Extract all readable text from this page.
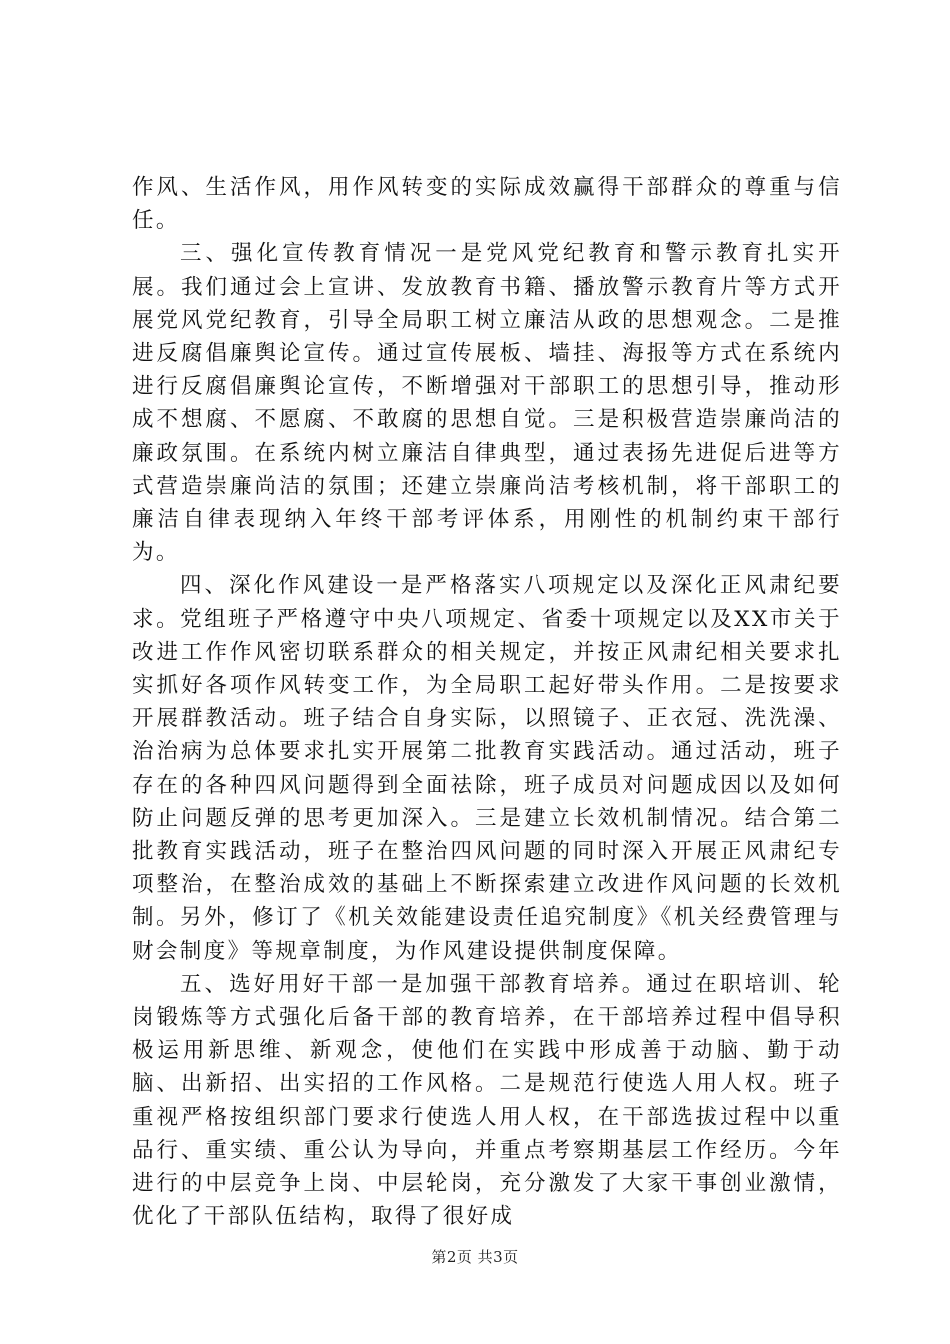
作风、生活作风，用作风转变的实际成效赢得干部群众的尊重与信任。

三、强化宣传教育情况一是党风党纪教育和警示教育扎实开展。我们通过会上宣讲、发放教育书籍、播放警示教育片等方式开展党风党纪教育，引导全局职工树立廉洁从政的思想观念。二是推进反腐倡廉舆论宣传。通过宣传展板、墙挂、海报等方式在系统内进行反腐倡廉舆论宣传，不断增强对干部职工的思想引导，推动形成不想腐、不愿腐、不敢腐的思想自觉。三是积极营造崇廉尚洁的廉政氛围。在系统内树立廉洁自律典型，通过表扬先进促后进等方式营造崇廉尚洁的氛围；还建立崇廉尚洁考核机制，将干部职工的廉洁自律表现纳入年终干部考评体系，用刚性的机制约束干部行为。

四、深化作风建设一是严格落实八项规定以及深化正风肃纪要求。党组班子严格遵守中央八项规定、省委十项规定以及XX市关于改进工作作风密切联系群众的相关规定，并按正风肃纪相关要求扎实抓好各项作风转变工作，为全局职工起好带头作用。二是按要求开展群教活动。班子结合自身实际，以照镜子、正衣冠、洗洗澡、治治病为总体要求扎实开展第二批教育实践活动。通过活动，班子存在的各种四风问题得到全面祛除，班子成员对问题成因以及如何防止问题反弹的思考更加深入。三是建立长效机制情况。结合第二批教育实践活动，班子在整治四风问题的同时深入开展正风肃纪专项整治，在整治成效的基础上不断探索建立改进作风问题的长效机制。另外，修订了《机关效能建设责任追究制度》《机关经费管理与财会制度》等规章制度，为作风建设提供制度保障。

五、选好用好干部一是加强干部教育培养。通过在职培训、轮岗锻炼等方式强化后备干部的教育培养，在干部培养过程中倡导积极运用新思维、新观念，使他们在实践中形成善于动脑、勤于动脑、出新招、出实招的工作风格。二是规范行使选人用人权。班子重视严格按组织部门要求行使选人用人权，在干部选拔过程中以重品行、重实绩、重公认为导向，并重点考察期基层工作经历。今年进行的中层竞争上岗、中层轮岗，充分激发了大家干事创业激情，优化了干部队伍结构，取得了很好成

第2页 共3页
